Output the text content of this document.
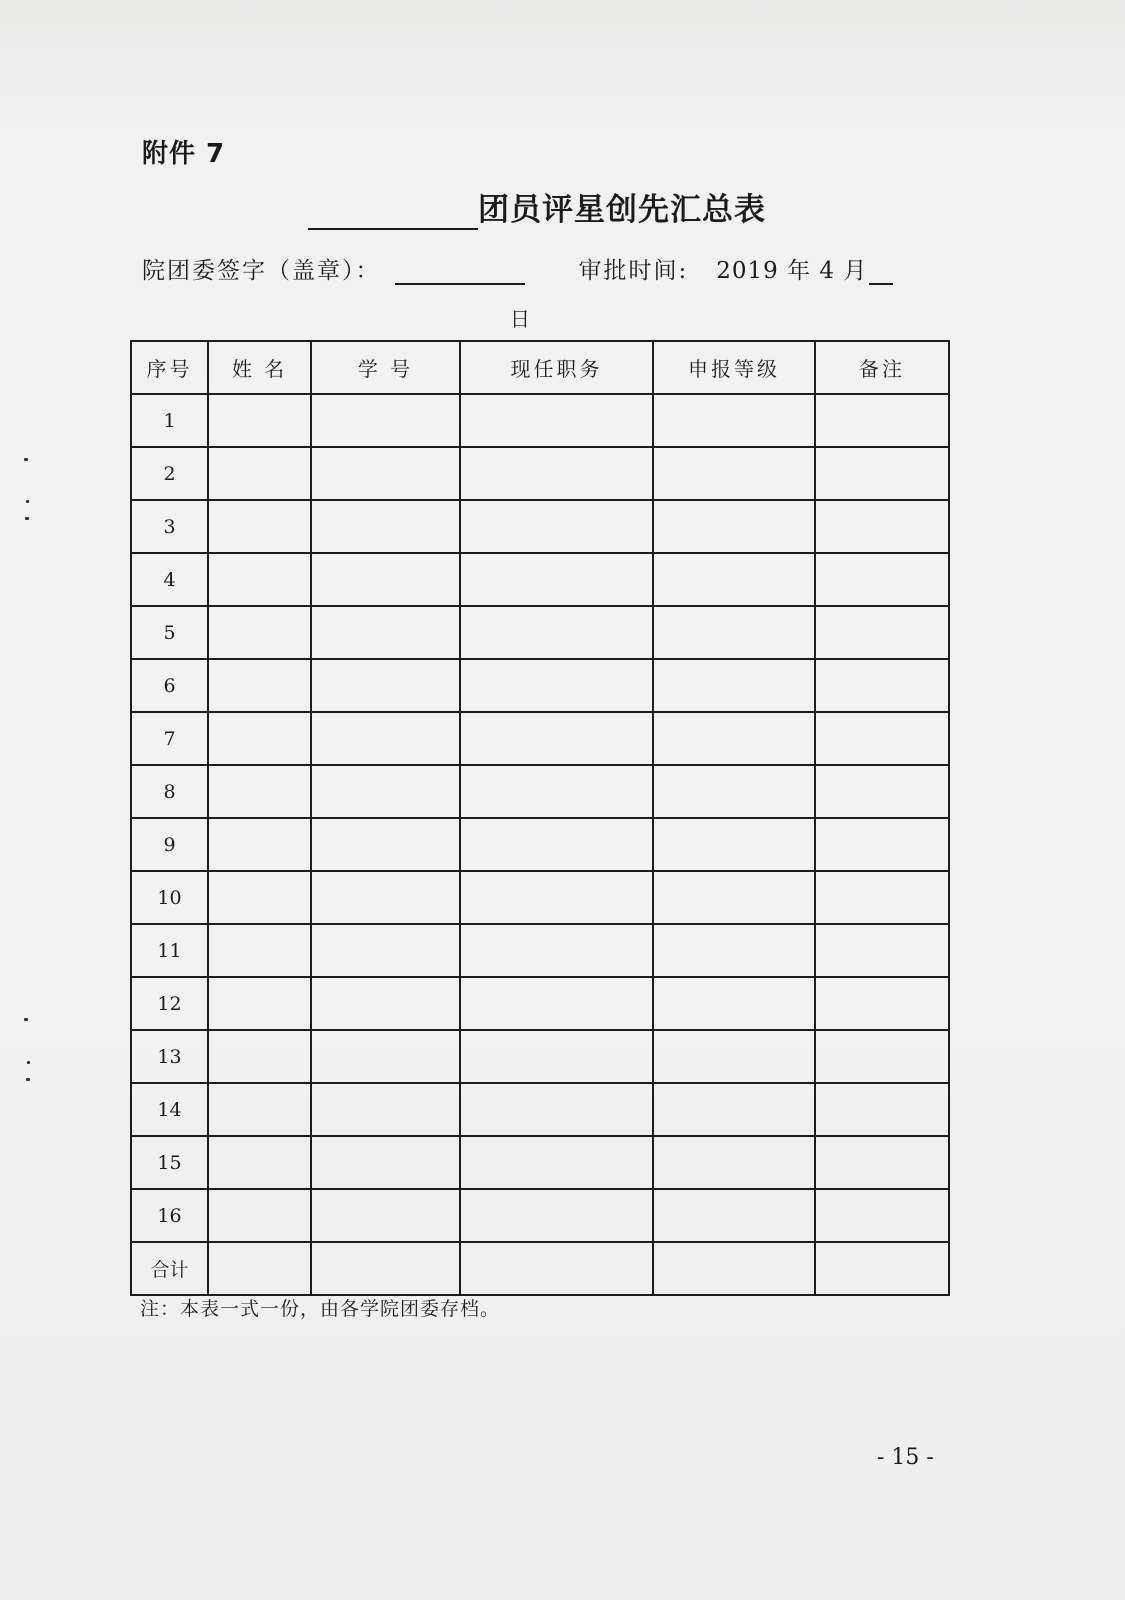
附件 7
团员评星创先汇总表
院团委签字（盖章）：	审批时间: 2019 年 4 月
日
序号	姓 名	学 号	现任职务	申报等级	备注
1					
2					
3					
4					
5					
6					
7					
8					
9					
10					
11					
12					
13					
14					
15					
16					
合计					
注：本表一式一份，由各学院团委存档。
- 15 -
